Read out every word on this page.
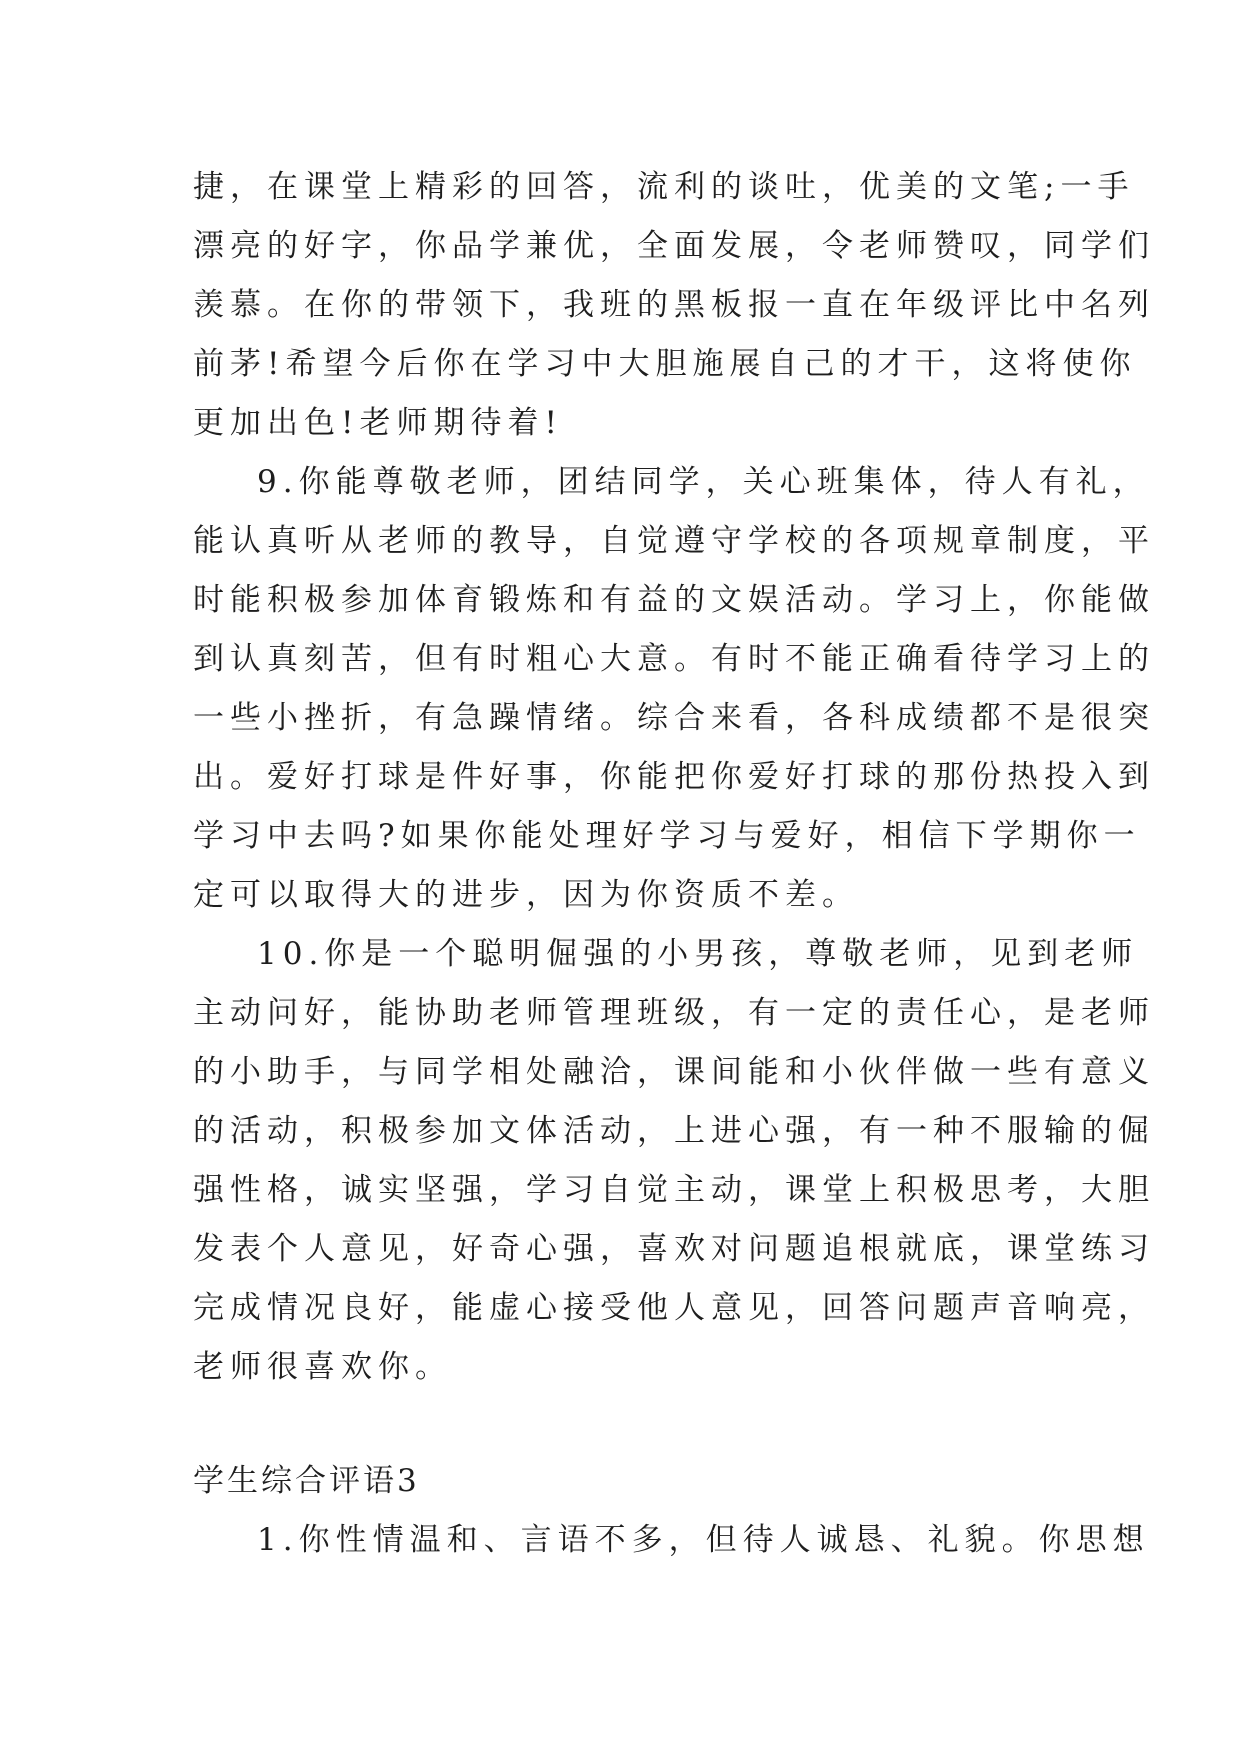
捷，在课堂上精彩的回答，流利的谈吐，优美的文笔;一手
漂亮的好字，你品学兼优，全面发展，令老师赞叹，同学们
羡慕。在你的带领下，我班的黑板报一直在年级评比中名列
前茅!希望今后你在学习中大胆施展自己的才干，这将使你
更加出色!老师期待着!
9.你能尊敬老师，团结同学，关心班集体，待人有礼，
能认真听从老师的教导，自觉遵守学校的各项规章制度，平
时能积极参加体育锻炼和有益的文娱活动。学习上，你能做
到认真刻苦，但有时粗心大意。有时不能正确看待学习上的
一些小挫折，有急躁情绪。综合来看，各科成绩都不是很突
出。爱好打球是件好事，你能把你爱好打球的那份热投入到
学习中去吗?如果你能处理好学习与爱好，相信下学期你一
定可以取得大的进步，因为你资质不差。
10.你是一个聪明倔强的小男孩，尊敬老师，见到老师
主动问好，能协助老师管理班级，有一定的责任心，是老师
的小助手，与同学相处融洽，课间能和小伙伴做一些有意义
的活动，积极参加文体活动，上进心强，有一种不服输的倔
强性格，诚实坚强，学习自觉主动，课堂上积极思考，大胆
发表个人意见，好奇心强，喜欢对问题追根就底，课堂练习
完成情况良好，能虚心接受他人意见，回答问题声音响亮，
老师很喜欢你。
学生综合评语3
1.你性情温和、言语不多，但待人诚恳、礼貌。你思想
